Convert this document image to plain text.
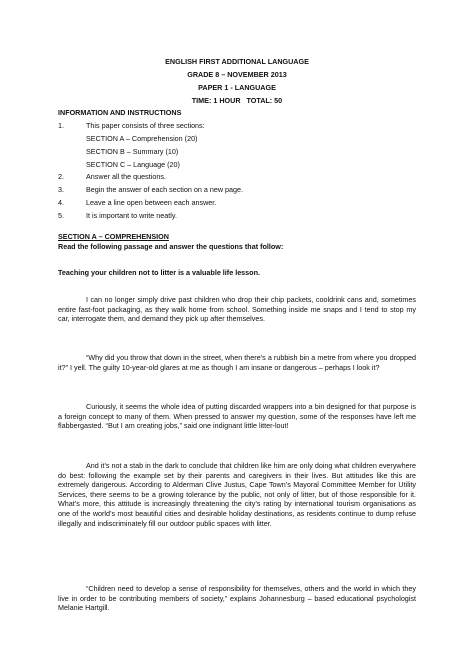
ENGLISH FIRST ADDITIONAL LANGUAGE
GRADE 8 – NOVEMBER 2013
PAPER 1 - LANGUAGE
TIME: 1 HOUR   TOTAL: 50
INFORMATION AND INSTRUCTIONS
1.	This paper consists of three sections:
SECTION A – Comprehension (20)
SECTION B – Summary (10)
SECTION C – Language (20)
2.	Answer all the questions.
3.	Begin the answer of each section on a new page.
4.	Leave a line open between each answer.
5.	It is important to write neatly.
SECTION A – COMPREHENSION
Read the following passage and answer the questions that follow:
Teaching your children not to litter is a valuable life lesson.
I can no longer simply drive past children who drop their chip packets, cooldrink cans and, sometimes entire fast-foot packaging, as they walk home from school. Something inside me snaps and I tend to stop my car, interrogate them, and demand they pick up after themselves.
“Why did you throw that down in the street, when there’s a rubbish bin a metre from where you dropped it?” I yell. The guilty 10-year-old glares at me as though I am insane or dangerous – perhaps I look it?
Curiously, it seems the whole idea of putting discarded wrappers into a bin designed for that purpose is a foreign concept to many of them. When pressed to answer my question, some of the responses have left me flabbergasted. “But I am creating jobs,” said one indignant little litter-lout!
And it’s not a stab in the dark to conclude that children like him are only doing what children everywhere do best: following the example set by their parents and caregivers in their lives. But attitudes like this are extremely dangerous. According to Alderman Clive Justus, Cape Town’s Mayoral Committee Member for Utility Services, there seems to be a growing tolerance by the public, not only of litter, but of those responsible for it. What’s more, this attitude is increasingly threatening the city’s rating by international tourism organisations as one of the world’s most beautiful cities and desirable holiday destinations, as residents continue to dump refuse illegally and indiscriminately fill our outdoor public spaces with litter.
“Children need to develop a sense of responsibility for themselves, others and the world in which they live in order to be contributing members of society,” explains Johannesburg – based educational psychologist Melanie Hartgill.
